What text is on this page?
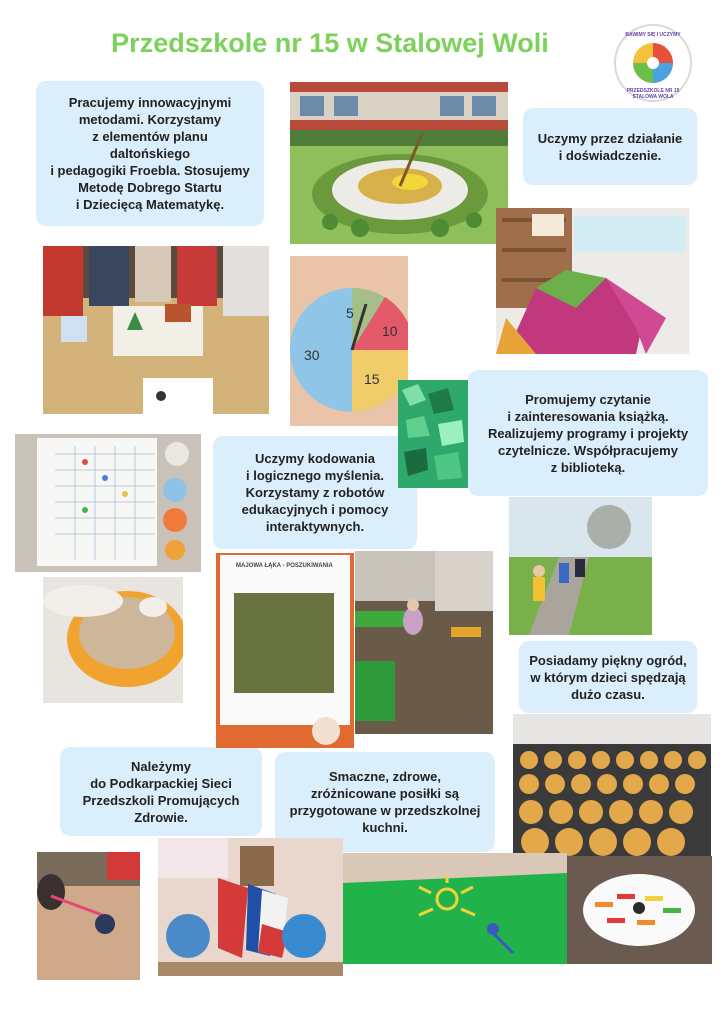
Przedszkole nr 15 w Stalowej Woli	BAWIMY SIĘ I UCZYMY
PRZEDSZKOLE NR 15 STALOWA WOLA
Pracujemy innowacyjnymi
metodami. Korzystamy
z elementów planu
daltońskiego
i pedagogiki Froebla. Stosujemy
Metodę Dobrego Startu
i Dziecięcą Matematykę.
Uczymy przez działanie
i doświadczenie.
Promujemy czytanie
i zainteresowania książką.
Realizujemy programy i projekty
czytelnicze. Współpracujemy
z biblioteką.
Uczymy kodowania
i logicznego myślenia.
Korzystamy z robotów
edukacyjnych i pomocy
interaktywnych.
Posiadamy piękny ogród,
w którym dzieci spędzają
dużo czasu.
Należymy
do Podkarpackiej Sieci
Przedszkoli Promujących
Zdrowie.
Smaczne, zdrowe,
zróżnicowane posiłki są
przygotowane w przedszkolnej
kuchni.
30
5
10
15
MAJOWA ŁĄKA - POSZUKIWANIA
